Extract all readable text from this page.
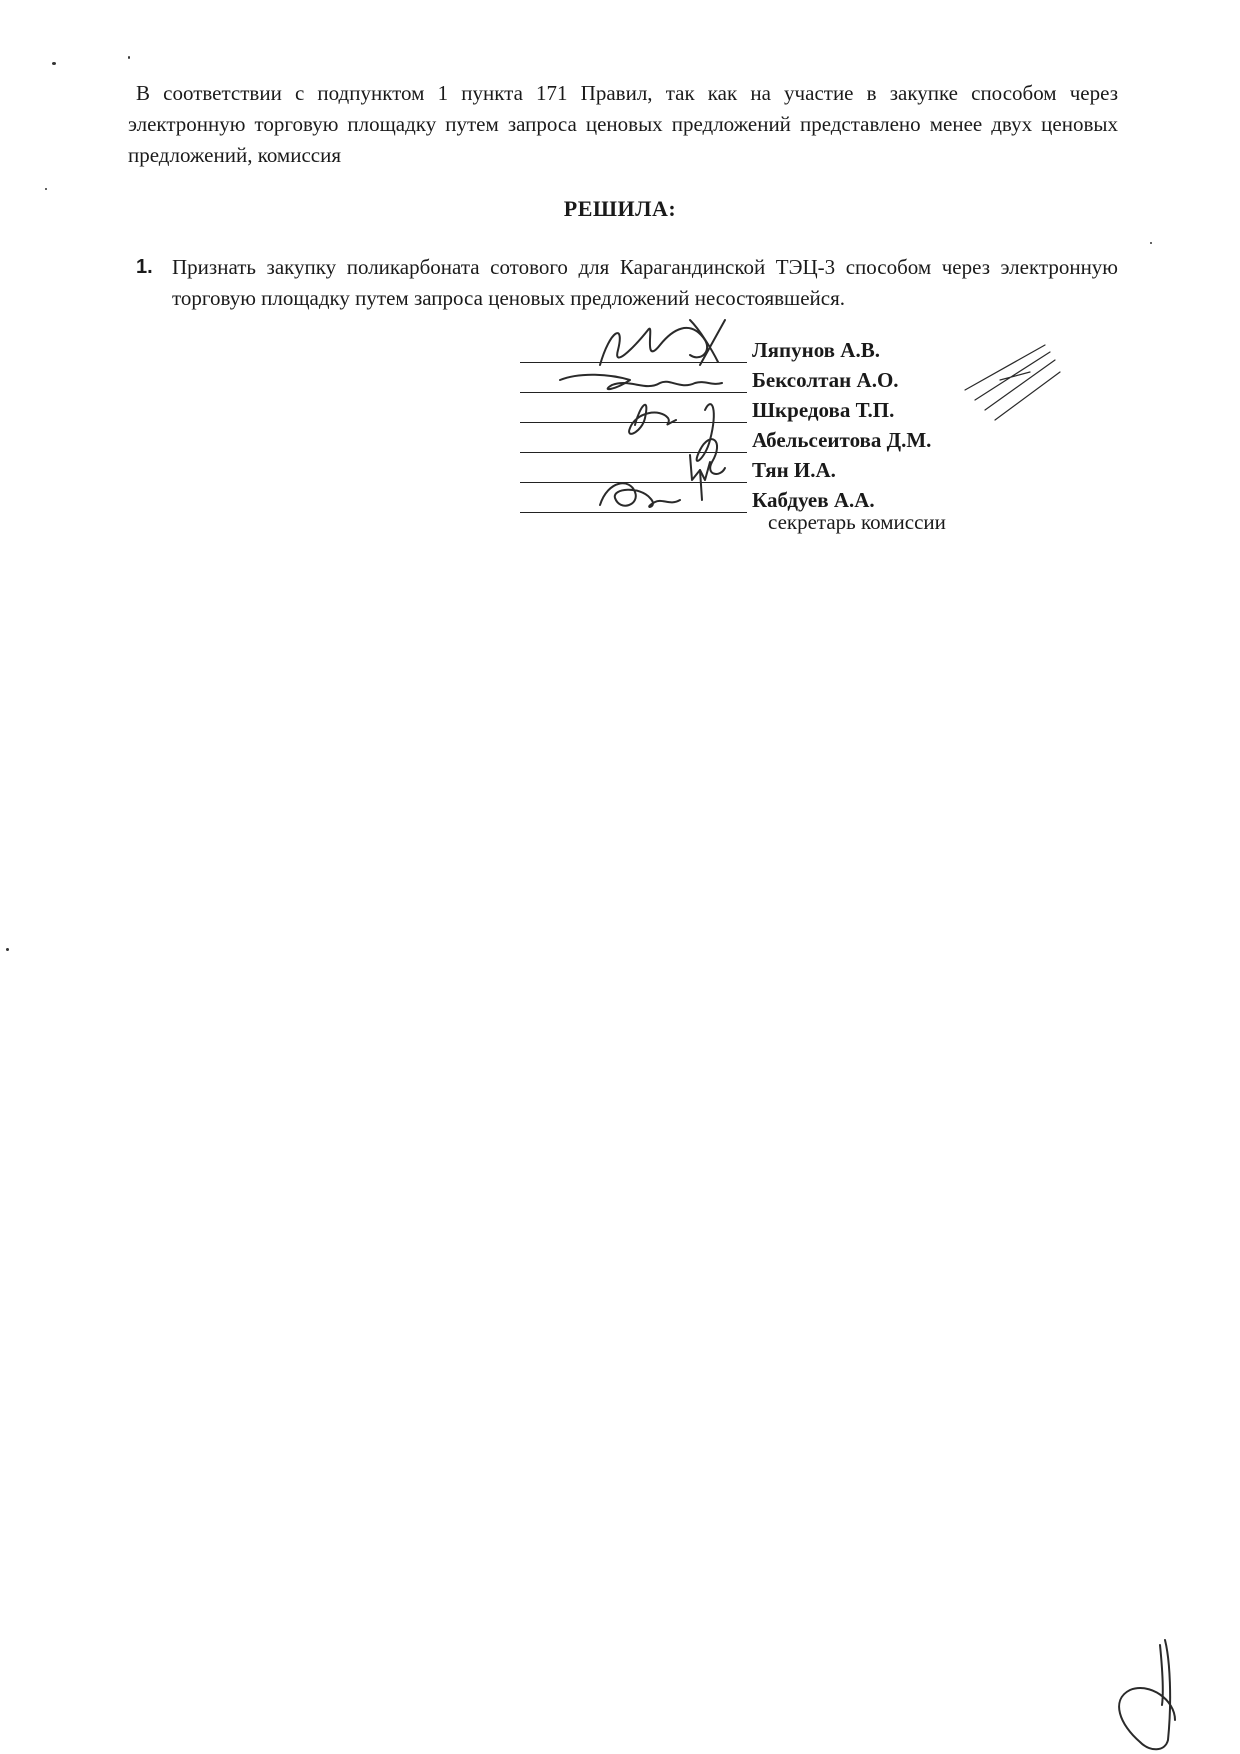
В соответствии с подпунктом 1 пункта 171 Правил, так как на участие в закупке способом через электронную торговую площадку путем запроса ценовых предложений представлено менее двух ценовых предложений, комиссия

РЕШИЛА:
1. Признать закупку поликарбоната сотового для Карагандинской ТЭЦ-3 способом через электронную торговую площадку путем запроса ценовых предложений несостоявшейся.
Ляпунов А.В.
Бексолтан А.О.
Шкредова Т.П.
Абельсеитова Д.М.
Тян И.А.
Кабдуев А.А.
секретарь комиссии
